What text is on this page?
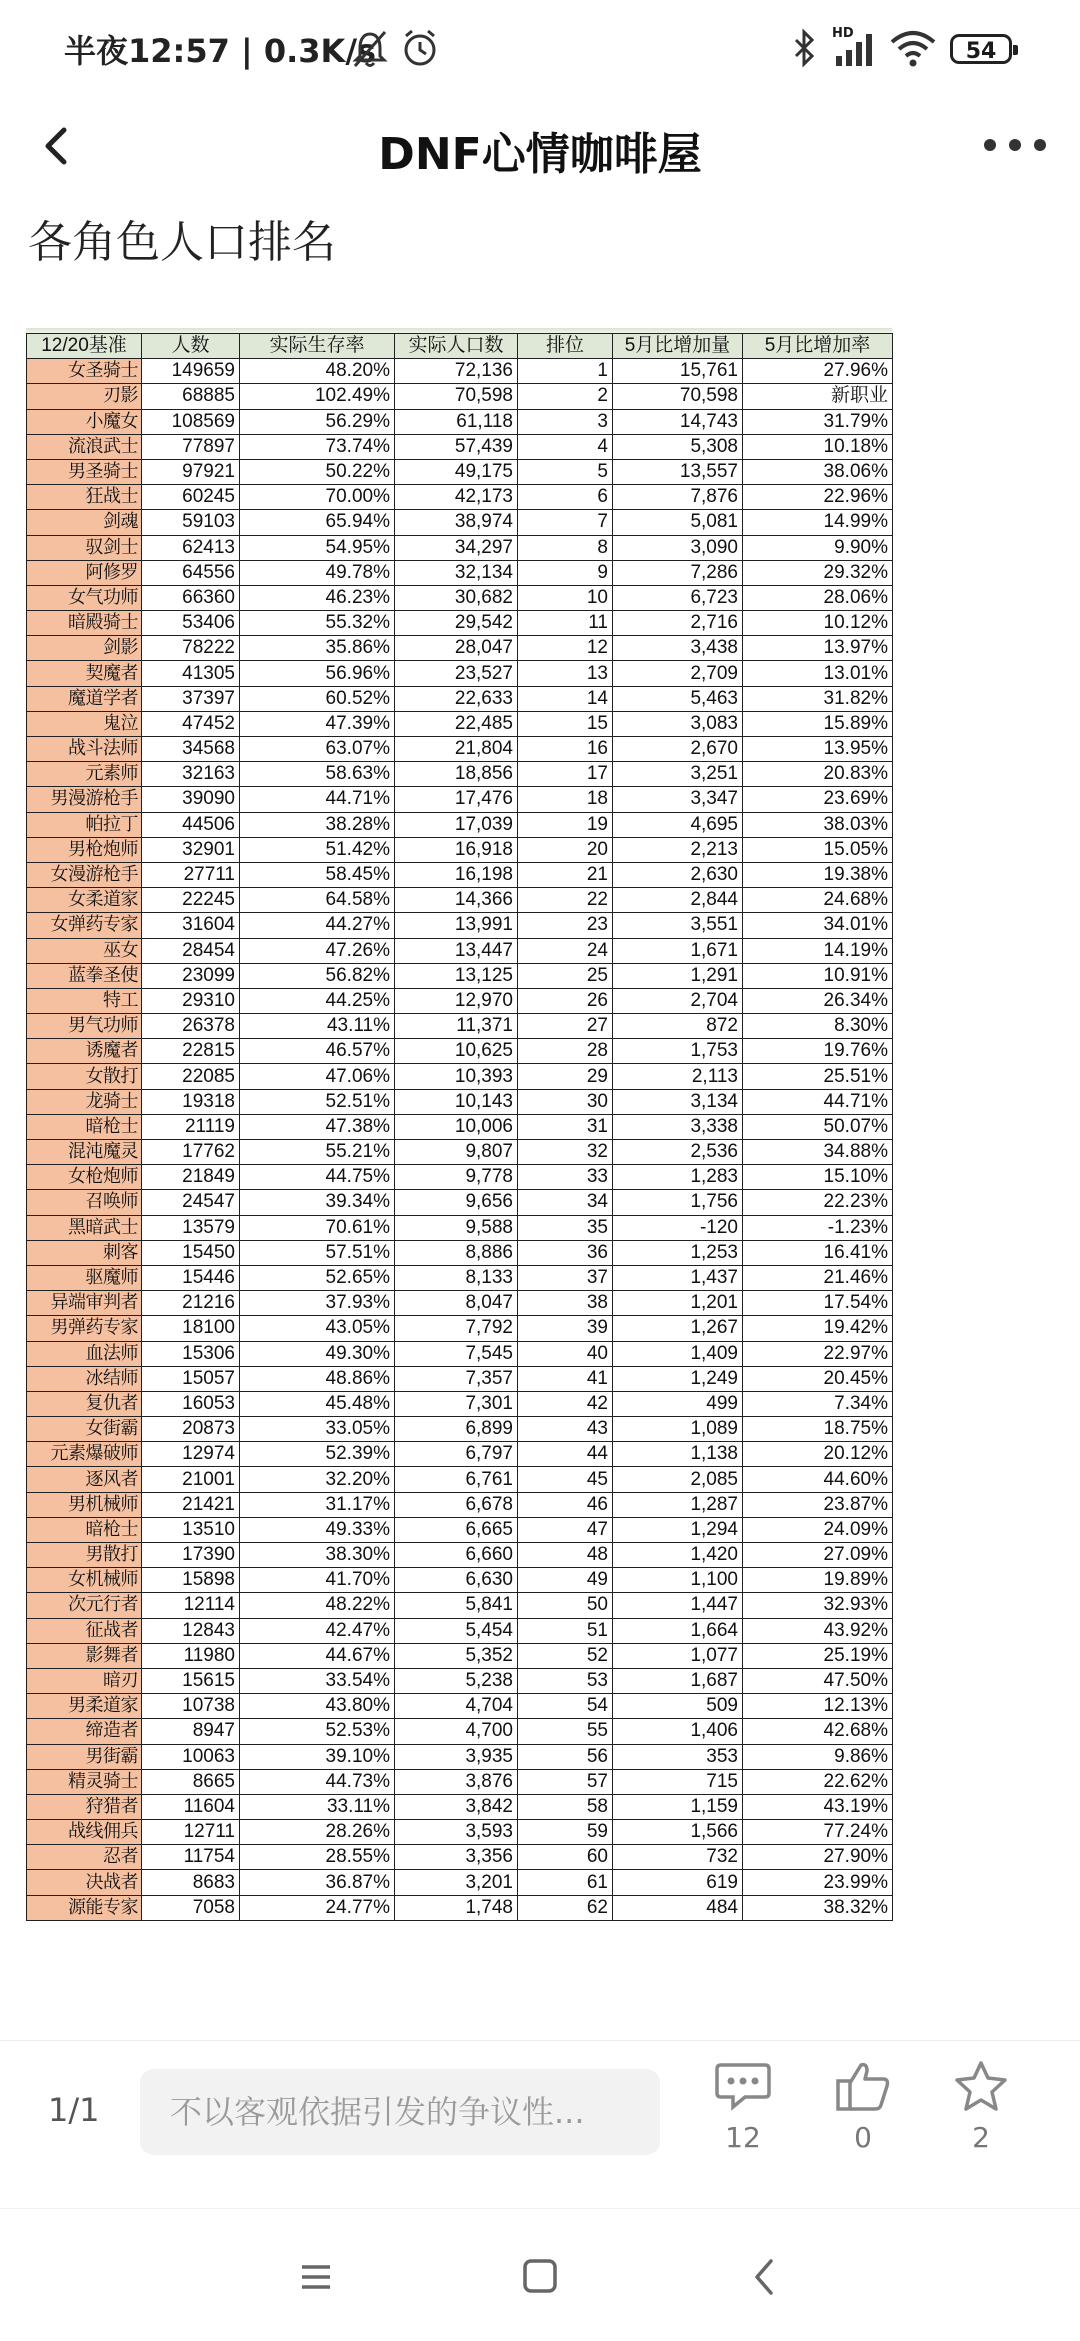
半夜12:57 | 0.3K/s	HD
54
DNF心情咖啡屋
各角色人口排名
12/20基准	人数	实际生存率	实际人口数	排位	5月比增加量	5月比增加率
女圣骑士	149659	48.20%	72,136	1	15,761	27.96%
刃影	68885	102.49%	70,598	2	70,598	新职业
小魔女	108569	56.29%	61,118	3	14,743	31.79%
流浪武士	77897	73.74%	57,439	4	5,308	10.18%
男圣骑士	97921	50.22%	49,175	5	13,557	38.06%
狂战士	60245	70.00%	42,173	6	7,876	22.96%
剑魂	59103	65.94%	38,974	7	5,081	14.99%
驭剑士	62413	54.95%	34,297	8	3,090	9.90%
阿修罗	64556	49.78%	32,134	9	7,286	29.32%
女气功师	66360	46.23%	30,682	10	6,723	28.06%
暗殿骑士	53406	55.32%	29,542	11	2,716	10.12%
剑影	78222	35.86%	28,047	12	3,438	13.97%
契魔者	41305	56.96%	23,527	13	2,709	13.01%
魔道学者	37397	60.52%	22,633	14	5,463	31.82%
鬼泣	47452	47.39%	22,485	15	3,083	15.89%
战斗法师	34568	63.07%	21,804	16	2,670	13.95%
元素师	32163	58.63%	18,856	17	3,251	20.83%
男漫游枪手	39090	44.71%	17,476	18	3,347	23.69%
帕拉丁	44506	38.28%	17,039	19	4,695	38.03%
男枪炮师	32901	51.42%	16,918	20	2,213	15.05%
女漫游枪手	27711	58.45%	16,198	21	2,630	19.38%
女柔道家	22245	64.58%	14,366	22	2,844	24.68%
女弹药专家	31604	44.27%	13,991	23	3,551	34.01%
巫女	28454	47.26%	13,447	24	1,671	14.19%
蓝拳圣使	23099	56.82%	13,125	25	1,291	10.91%
特工	29310	44.25%	12,970	26	2,704	26.34%
男气功师	26378	43.11%	11,371	27	872	8.30%
诱魔者	22815	46.57%	10,625	28	1,753	19.76%
女散打	22085	47.06%	10,393	29	2,113	25.51%
龙骑士	19318	52.51%	10,143	30	3,134	44.71%
暗枪士	21119	47.38%	10,006	31	3,338	50.07%
混沌魔灵	17762	55.21%	9,807	32	2,536	34.88%
女枪炮师	21849	44.75%	9,778	33	1,283	15.10%
召唤师	24547	39.34%	9,656	34	1,756	22.23%
黑暗武士	13579	70.61%	9,588	35	-120	-1.23%
刺客	15450	57.51%	8,886	36	1,253	16.41%
驱魔师	15446	52.65%	8,133	37	1,437	21.46%
异端审判者	21216	37.93%	8,047	38	1,201	17.54%
男弹药专家	18100	43.05%	7,792	39	1,267	19.42%
血法师	15306	49.30%	7,545	40	1,409	22.97%
冰结师	15057	48.86%	7,357	41	1,249	20.45%
复仇者	16053	45.48%	7,301	42	499	7.34%
女街霸	20873	33.05%	6,899	43	1,089	18.75%
元素爆破师	12974	52.39%	6,797	44	1,138	20.12%
逐风者	21001	32.20%	6,761	45	2,085	44.60%
男机械师	21421	31.17%	6,678	46	1,287	23.87%
暗枪士	13510	49.33%	6,665	47	1,294	24.09%
男散打	17390	38.30%	6,660	48	1,420	27.09%
女机械师	15898	41.70%	6,630	49	1,100	19.89%
次元行者	12114	48.22%	5,841	50	1,447	32.93%
征战者	12843	42.47%	5,454	51	1,664	43.92%
影舞者	11980	44.67%	5,352	52	1,077	25.19%
暗刃	15615	33.54%	5,238	53	1,687	47.50%
男柔道家	10738	43.80%	4,704	54	509	12.13%
缔造者	8947	52.53%	4,700	55	1,406	42.68%
男街霸	10063	39.10%	3,935	56	353	9.86%
精灵骑士	8665	44.73%	3,876	57	715	22.62%
狩猎者	11604	33.11%	3,842	58	1,159	43.19%
战线佣兵	12711	28.26%	3,593	59	1,566	77.24%
忍者	11754	28.55%	3,356	60	732	27.90%
决战者	8683	36.87%	3,201	61	619	23.99%
源能专家	7058	24.77%	1,748	62	484	38.32%
1/1
不以客观依据引发的争议性...
12	0	2
